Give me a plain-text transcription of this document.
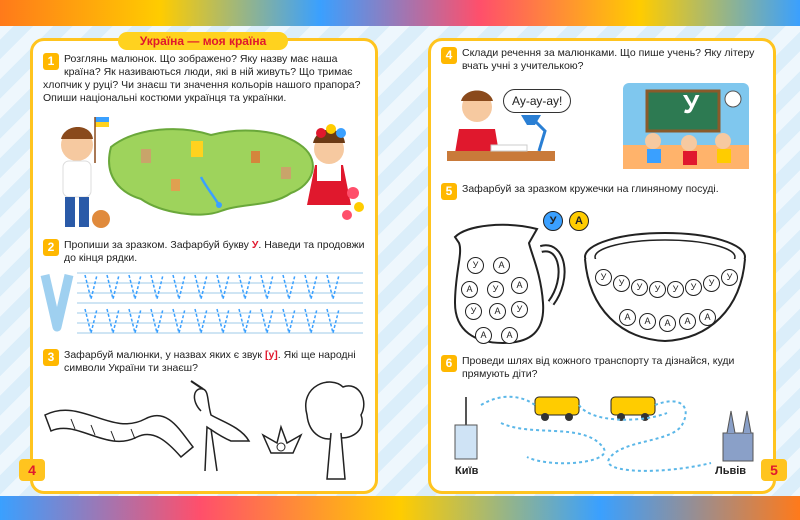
Україна — моя країна
1 Розглянь малюнок. Що зображено? Яку назву має наша країна? Як називаються люди, які в ній живуть? Що тримає хлопчик у руці? Чи знаєш ти значення кольорів нашого прапора? Опиши національні костюми українця та українки.
2 Пропиши за зразком. Зафарбуй букву У. Наведи та продовжи до кінця рядки.
3 Зафарбуй малюнки, у назвах яких є звук [у]. Які ще народні символи України ти знаєш?
4
4 Склади речення за малюнками. Що пише учень? Яку літеру вчать учні з учителькою?
Ау-ау-ау!	У
5 Зафарбуй за зразком кружечки на глиняному посуді.
У	А
У	А
А	У	А
У	А	У
А	А
У
У	У	У	У	У	У
У
А	А	А	А	А
6 Проведи шлях від кожного транспорту та дізнайся, куди прямують діти?
Київ	Львів	5
